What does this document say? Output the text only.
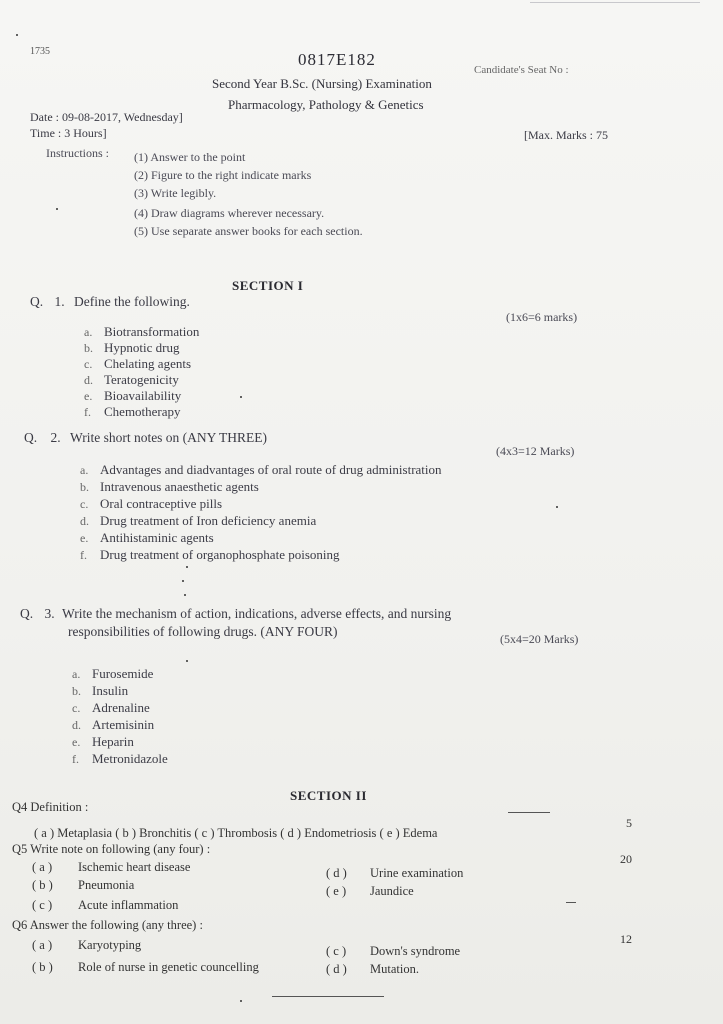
1735	0817E182
Candidate's Seat No :
Second Year B.Sc. (Nursing) Examination
Pharmacology, Pathology & Genetics
Date : 09-08-2017, Wednesday]
Time : 3 Hours]	[Max. Marks : 75
Instructions : (1) Answer to the point
(2) Figure to the right indicate marks
(3) Write legibly.
(4) Draw diagrams wherever necessary.
(5) Use separate answer books for each section.
SECTION I
Q. 1. Define the following.
(1x6=6 marks)
a. Biotransformation
b. Hypnotic drug
c. Chelating agents
d. Teratogenicity
e. Bioavailability
f. Chemotherapy
Q. 2. Write short notes on (ANY THREE)
(4x3=12 Marks)
a. Advantages and diadvantages of oral route of drug administration
b. Intravenous anaesthetic agents
c. Oral contraceptive pills
d. Drug treatment of Iron deficiency anemia
e. Antihistaminic agents
f. Drug treatment of organophosphate poisoning
Q. 3. Write the mechanism of action, indications, adverse effects, and nursing
responsibilities of following drugs. (ANY FOUR)	(5x4=20 Marks)
a. Furosemide
b. Insulin
c. Adrenaline
d. Artemisinin
e. Heparin
f. Metronidazole
SECTION II
Q4 Definition :
5
( a ) Metaplasia ( b ) Bronchitis ( c ) Thrombosis ( d ) Endometriosis ( e ) Edema
Q5 Write note on following (any four) :
20
( a ) Ischemic heart disease
( b ) Pneumonia
( c ) Acute inflammation
( d ) Urine examination
( e ) Jaundice
Q6 Answer the following (any three) :
12
( a ) Karyotyping
( b ) Role of nurse in genetic councelling
( c ) Down's syndrome
( d ) Mutation.
